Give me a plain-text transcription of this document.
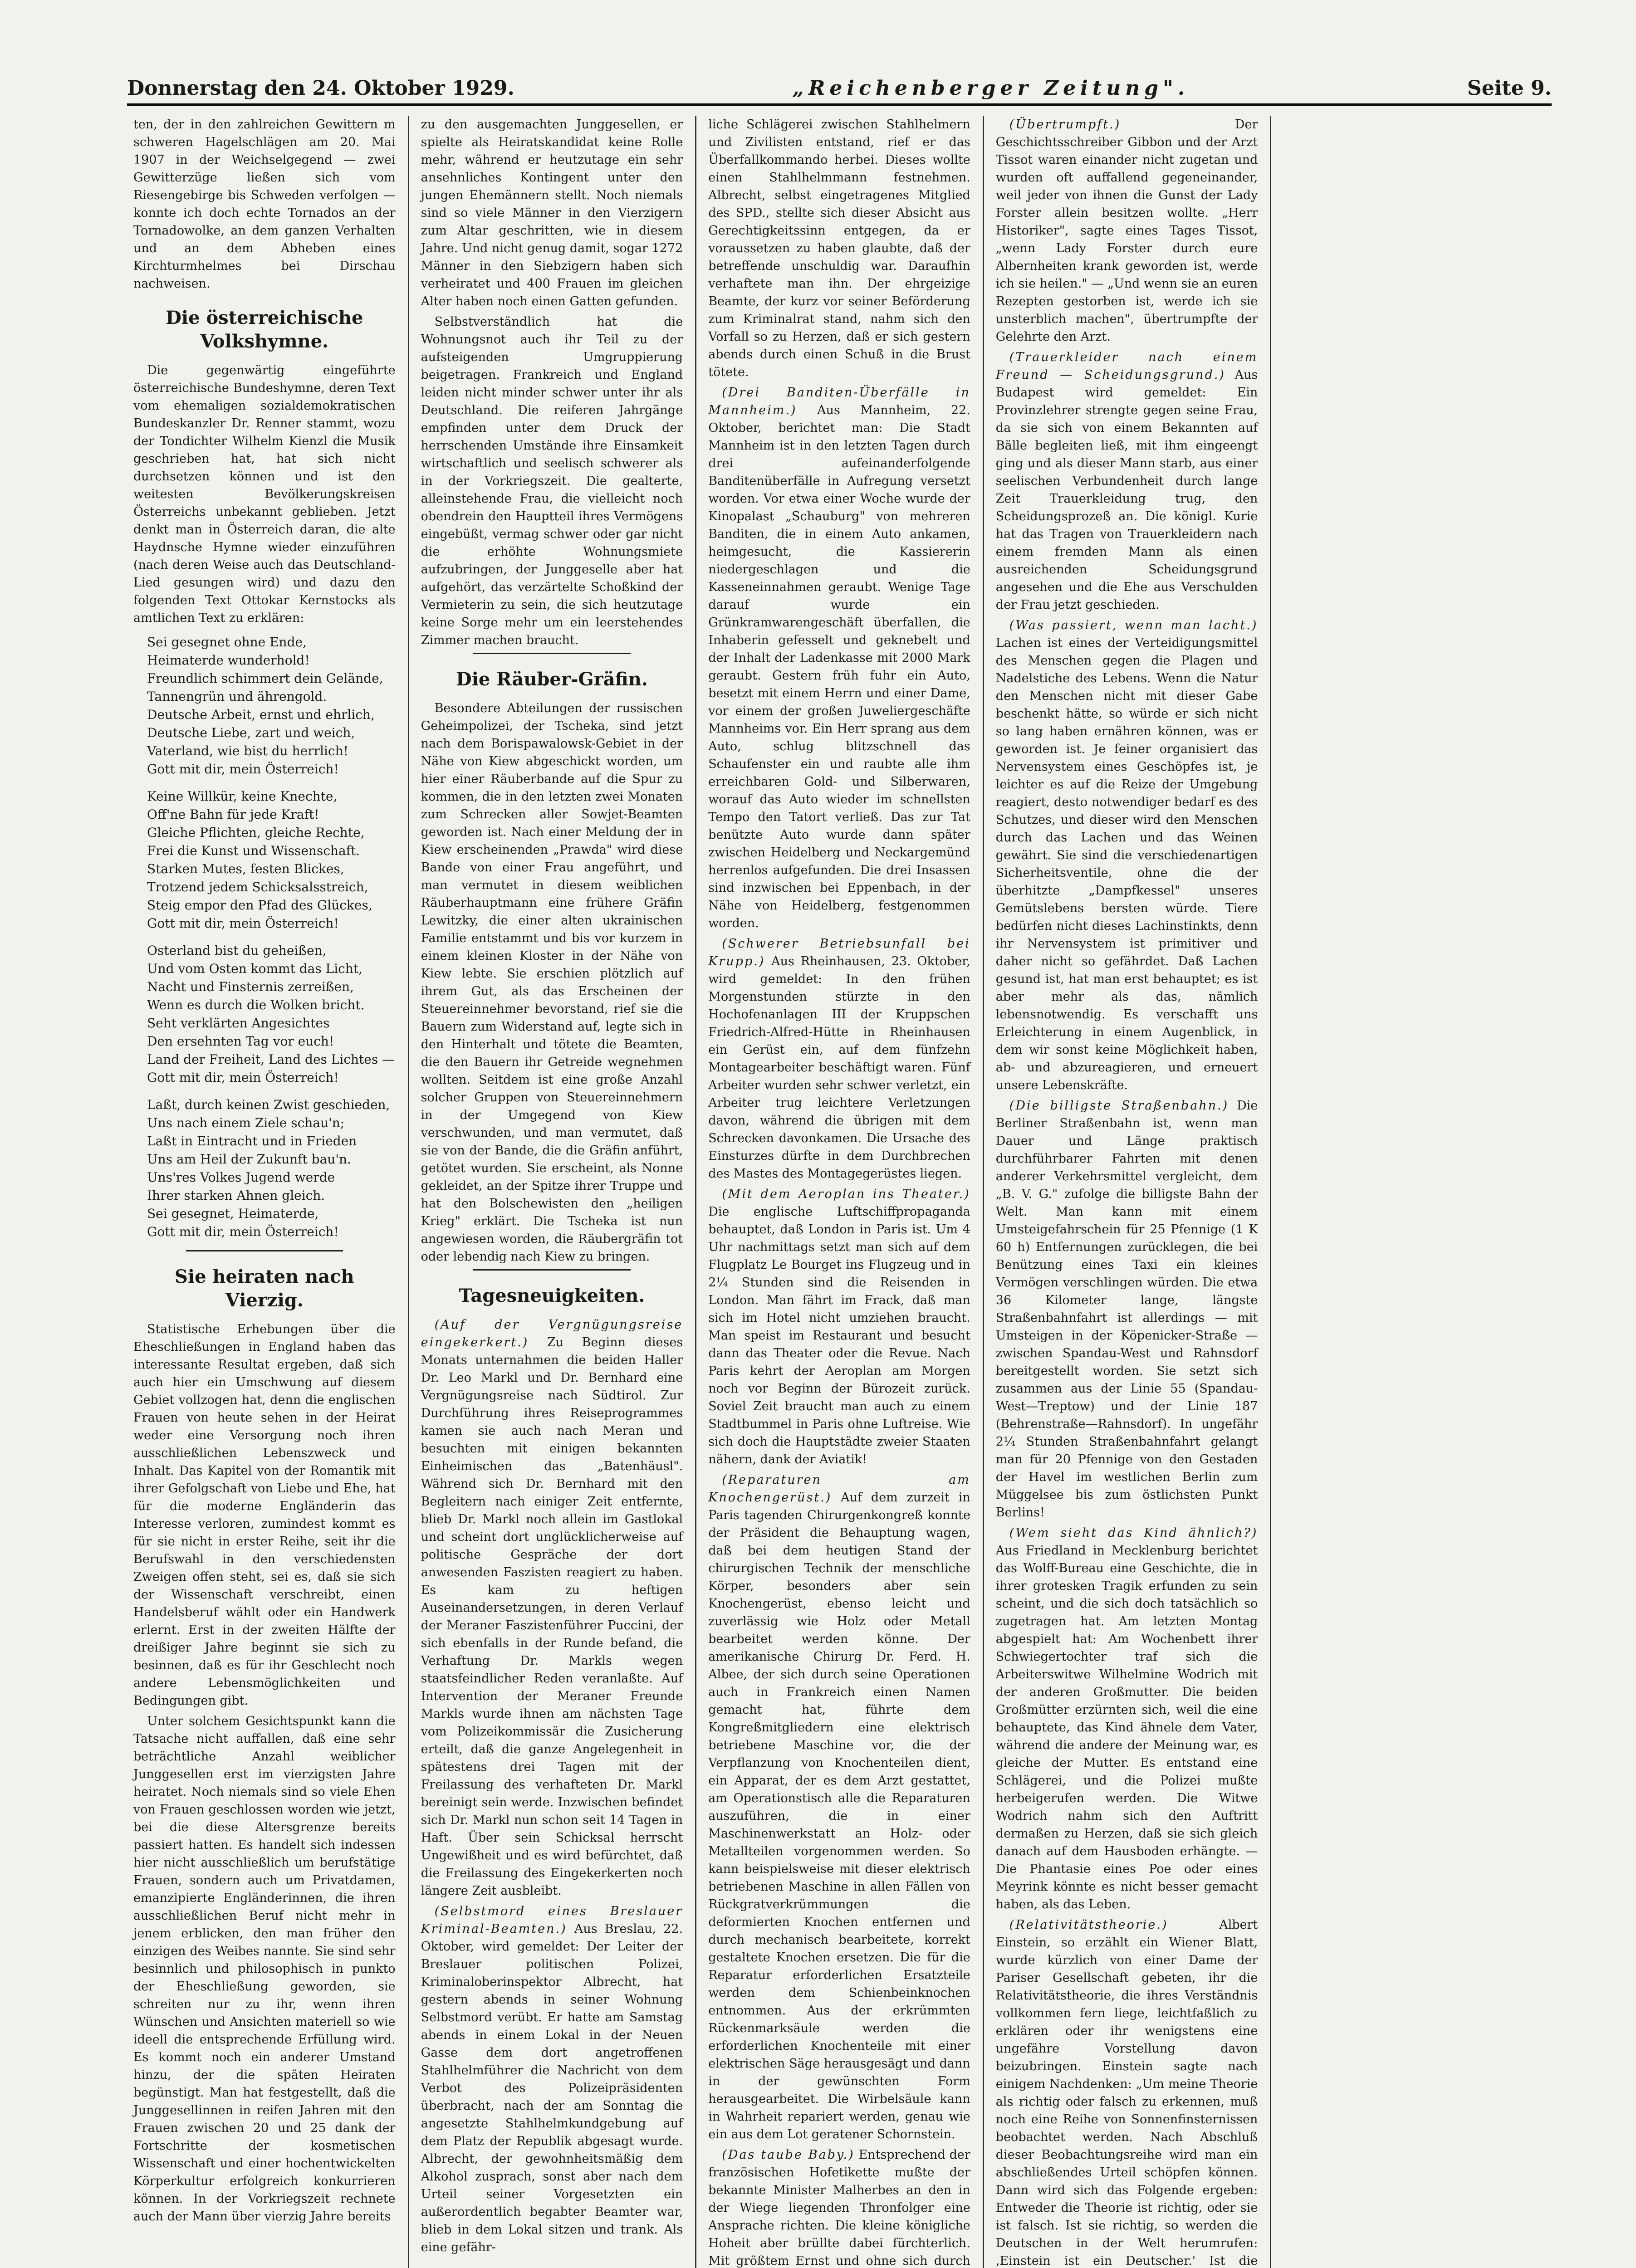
Donnerstag den 24. Oktober 1929.	„Reichenberger Zeitung".	Seite 9.

ten, der in den zahlreichen Gewittern m schweren Hagelschlägen am 20. Mai 1907 in der Weichselgegend — zwei Gewitterzüge ließen sich vom Riesengebirge bis Schweden verfolgen — konnte ich doch echte Tornados an der Tornadowolke, an dem ganzen Verhalten und an dem Abheben eines Kirchturmhelmes bei Dirschau nachweisen.

Die österreichische Volkshymne.

Die gegenwärtig eingeführte österreichische Bundeshymne, deren Text vom ehemaligen sozialdemokratischen Bundeskanzler Dr. Renner stammt, wozu der Tondichter Wilhelm Kienzl die Musik geschrieben hat, hat sich nicht durchsetzen können und ist den weitesten Bevölkerungskreisen Österreichs unbekannt geblieben. Jetzt denkt man in Österreich daran, die alte Haydnsche Hymne wieder einzuführen (nach deren Weise auch das Deutschland-Lied gesungen wird) und dazu den folgenden Text Ottokar Kernstocks als amtlichen Text zu erklären:

Sei gesegnet ohne Ende,
Heimaterde wunderhold!
Freundlich schimmert dein Gelände,
Tannengrün und ährengold.
Deutsche Arbeit, ernst und ehrlich,
Deutsche Liebe, zart und weich,
Vaterland, wie bist du herrlich!
Gott mit dir, mein Österreich!
Keine Willkür, keine Knechte,
Off'ne Bahn für jede Kraft!
Gleiche Pflichten, gleiche Rechte,
Frei die Kunst und Wissenschaft.
Starken Mutes, festen Blickes,
Trotzend jedem Schicksalsstreich,
Steig empor den Pfad des Glückes,
Gott mit dir, mein Österreich!
Osterland bist du geheißen,
Und vom Osten kommt das Licht,
Nacht und Finsternis zerreißen,
Wenn es durch die Wolken bricht.
Seht verklärten Angesichtes
Den ersehnten Tag vor euch!
Land der Freiheit, Land des Lichtes —
Gott mit dir, mein Österreich!
Laßt, durch keinen Zwist geschieden,
Uns nach einem Ziele schau'n;
Laßt in Eintracht und in Frieden
Uns am Heil der Zukunft bau'n.
Uns'res Volkes Jugend werde
Ihrer starken Ahnen gleich.
Sei gesegnet, Heimaterde,
Gott mit dir, mein Österreich!
Sie heiraten nach Vierzig.

Statistische Erhebungen über die Eheschließungen in England haben das interessante Resultat ergeben, daß sich auch hier ein Umschwung auf diesem Gebiet vollzogen hat, denn die englischen Frauen von heute sehen in der Heirat weder eine Versorgung noch ihren ausschließlichen Lebenszweck und Inhalt. Das Kapitel von der Romantik mit ihrer Gefolgschaft von Liebe und Ehe, hat für die moderne Engländerin das Interesse verloren, zumindest kommt es für sie nicht in erster Reihe, seit ihr die Berufswahl in den verschiedensten Zweigen offen steht, sei es, daß sie sich der Wissenschaft verschreibt, einen Handelsberuf wählt oder ein Handwerk erlernt. Erst in der zweiten Hälfte der dreißiger Jahre beginnt sie sich zu besinnen, daß es für ihr Geschlecht noch andere Lebensmöglichkeiten und Bedingungen gibt.

Unter solchem Gesichtspunkt kann die Tatsache nicht auffallen, daß eine sehr beträchtliche Anzahl weiblicher Junggesellen erst im vierzigsten Jahre heiratet. Noch niemals sind so viele Ehen von Frauen geschlossen worden wie jetzt, bei die diese Altersgrenze bereits passiert hatten. Es handelt sich indessen hier nicht ausschließlich um berufstätige Frauen, sondern auch um Privatdamen, emanzipierte Engländerinnen, die ihren ausschließlichen Beruf nicht mehr in jenem erblicken, den man früher den einzigen des Weibes nannte. Sie sind sehr besinnlich und philosophisch in punkto der Eheschließung geworden, sie schreiten nur zu ihr, wenn ihren Wünschen und Ansichten materiell so wie ideell die entsprechende Erfüllung wird. Es kommt noch ein anderer Umstand hinzu, der die späten Heiraten begünstigt. Man hat festgestellt, daß die Junggesellinnen in reifen Jahren mit den Frauen zwischen 20 und 25 dank der Fortschritte der kosmetischen Wissenschaft und einer hochentwickelten Körperkultur erfolgreich konkurrieren können. In der Vorkriegszeit rechnete auch der Mann über vierzig Jahre bereits

zu den ausgemachten Junggesellen, er spielte als Heiratskandidat keine Rolle mehr, während er heutzutage ein sehr ansehnliches Kontingent unter den jungen Ehemännern stellt. Noch niemals sind so viele Männer in den Vierzigern zum Altar geschritten, wie in diesem Jahre. Und nicht genug damit, sogar 1272 Männer in den Siebzigern haben sich verheiratet und 400 Frauen im gleichen Alter haben noch einen Gatten gefunden.

Selbstverständlich hat die Wohnungsnot auch ihr Teil zu der aufsteigenden Umgruppierung beigetragen. Frankreich und England leiden nicht minder schwer unter ihr als Deutschland. Die reiferen Jahrgänge empfinden unter dem Druck der herrschenden Umstände ihre Einsamkeit wirtschaftlich und seelisch schwerer als in der Vorkriegszeit. Die gealterte, alleinstehende Frau, die vielleicht noch obendrein den Hauptteil ihres Vermögens eingebüßt, vermag schwer oder gar nicht die erhöhte Wohnungsmiete aufzubringen, der Junggeselle aber hat aufgehört, das verzärtelte Schoßkind der Vermieterin zu sein, die sich heutzutage keine Sorge mehr um ein leerstehendes Zimmer machen braucht.

Die Räuber-Gräfin.

Besondere Abteilungen der russischen Geheimpolizei, der Tscheka, sind jetzt nach dem Borispawalowsk-Gebiet in der Nähe von Kiew abgeschickt worden, um hier einer Räuberbande auf die Spur zu kommen, die in den letzten zwei Monaten zum Schrecken aller Sowjet-Beamten geworden ist. Nach einer Meldung der in Kiew erscheinenden „Prawda" wird diese Bande von einer Frau angeführt, und man vermutet in diesem weiblichen Räuberhauptmann eine frühere Gräfin Lewitzky, die einer alten ukrainischen Familie entstammt und bis vor kurzem in einem kleinen Kloster in der Nähe von Kiew lebte. Sie erschien plötzlich auf ihrem Gut, als das Erscheinen der Steuereinnehmer bevorstand, rief sie die Bauern zum Widerstand auf, legte sich in den Hinterhalt und tötete die Beamten, die den Bauern ihr Getreide wegnehmen wollten. Seitdem ist eine große Anzahl solcher Gruppen von Steuereinnehmern in der Umgegend von Kiew verschwunden, und man vermutet, daß sie von der Bande, die die Gräfin anführt, getötet wurden. Sie erscheint, als Nonne gekleidet, an der Spitze ihrer Truppe und hat den Bolschewisten den „heiligen Krieg" erklärt. Die Tscheka ist nun angewiesen worden, die Räubergräfin tot oder lebendig nach Kiew zu bringen.

Tagesneuigkeiten.

(Auf der Vergnügungsreise eingekerkert.) Zu Beginn dieses Monats unternahmen die beiden Haller Dr. Leo Markl und Dr. Bernhard eine Vergnügungsreise nach Südtirol. Zur Durchführung ihres Reiseprogrammes kamen sie auch nach Meran und besuchten mit einigen bekannten Einheimischen das „Batenhäusl". Während sich Dr. Bernhard mit den Begleitern nach einiger Zeit entfernte, blieb Dr. Markl noch allein im Gastlokal und scheint dort unglücklicherweise auf politische Gespräche der dort anwesenden Faszisten reagiert zu haben. Es kam zu heftigen Auseinandersetzungen, in deren Verlauf der Meraner Faszistenführer Puccini, der sich ebenfalls in der Runde befand, die Verhaftung Dr. Markls wegen staatsfeindlicher Reden veranlaßte. Auf Intervention der Meraner Freunde Markls wurde ihnen am nächsten Tage vom Polizeikommissär die Zusicherung erteilt, daß die ganze Angelegenheit in spätestens drei Tagen mit der Freilassung des verhafteten Dr. Markl bereinigt sein werde. Inzwischen befindet sich Dr. Markl nun schon seit 14 Tagen in Haft. Über sein Schicksal herrscht Ungewißheit und es wird befürchtet, daß die Freilassung des Eingekerkerten noch längere Zeit ausbleibt.

(Selbstmord eines Breslauer Kriminal-Beamten.) Aus Breslau, 22. Oktober, wird gemeldet: Der Leiter der Breslauer politischen Polizei, Kriminaloberinspektor Albrecht, hat gestern abends in seiner Wohnung Selbstmord verübt. Er hatte am Samstag abends in einem Lokal in der Neuen Gasse dem dort angetroffenen Stahlhelmführer die Nachricht von dem Verbot des Polizeipräsidenten überbracht, nach der am Sonntag die angesetzte Stahlhelmkundgebung auf dem Platz der Republik abgesagt wurde. Albrecht, der gewohnheitsmäßig dem Alkohol zusprach, sonst aber nach dem Urteil seiner Vorgesetzten ein außerordentlich begabter Beamter war, blieb in dem Lokal sitzen und trank. Als eine gefähr-

liche Schlägerei zwischen Stahlhelmern und Zivilisten entstand, rief er das Überfallkommando herbei. Dieses wollte einen Stahlhelmmann festnehmen. Albrecht, selbst eingetragenes Mitglied des SPD., stellte sich dieser Absicht aus Gerechtigkeitssinn entgegen, da er voraussetzen zu haben glaubte, daß der betreffende unschuldig war. Daraufhin verhaftete man ihn. Der ehrgeizige Beamte, der kurz vor seiner Beförderung zum Kriminalrat stand, nahm sich den Vorfall so zu Herzen, daß er sich gestern abends durch einen Schuß in die Brust tötete.

(Drei Banditen-Überfälle in Mannheim.) Aus Mannheim, 22. Oktober, berichtet man: Die Stadt Mannheim ist in den letzten Tagen durch drei aufeinanderfolgende Banditenüberfälle in Aufregung versetzt worden. Vor etwa einer Woche wurde der Kinopalast „Schauburg" von mehreren Banditen, die in einem Auto ankamen, heimgesucht, die Kassiererin niedergeschlagen und die Kasseneinnahmen geraubt. Wenige Tage darauf wurde ein Grünkramwarengeschäft überfallen, die Inhaberin gefesselt und geknebelt und der Inhalt der Ladenkasse mit 2000 Mark geraubt. Gestern früh fuhr ein Auto, besetzt mit einem Herrn und einer Dame, vor einem der großen Juweliergeschäfte Mannheims vor. Ein Herr sprang aus dem Auto, schlug blitzschnell das Schaufenster ein und raubte alle ihm erreichbaren Gold- und Silberwaren, worauf das Auto wieder im schnellsten Tempo den Tatort verließ. Das zur Tat benützte Auto wurde dann später zwischen Heidelberg und Neckargemünd herrenlos aufgefunden. Die drei Insassen sind inzwischen bei Eppenbach, in der Nähe von Heidelberg, festgenommen worden.

(Schwerer Betriebsunfall bei Krupp.) Aus Rheinhausen, 23. Oktober, wird gemeldet: In den frühen Morgenstunden stürzte in den Hochofenanlagen III der Kruppschen Friedrich-Alfred-Hütte in Rheinhausen ein Gerüst ein, auf dem fünfzehn Montagearbeiter beschäftigt waren. Fünf Arbeiter wurden sehr schwer verletzt, ein Arbeiter trug leichtere Verletzungen davon, während die übrigen mit dem Schrecken davonkamen. Die Ursache des Einsturzes dürfte in dem Durchbrechen des Mastes des Montagegerüstes liegen.

(Mit dem Aeroplan ins Theater.) Die englische Luftschiffpropaganda behauptet, daß London in Paris ist. Um 4 Uhr nachmittags setzt man sich auf dem Flugplatz Le Bourget ins Flugzeug und in 2¼ Stunden sind die Reisenden in London. Man fährt im Frack, daß man sich im Hotel nicht umziehen braucht. Man speist im Restaurant und besucht dann das Theater oder die Revue. Nach Paris kehrt der Aeroplan am Morgen noch vor Beginn der Bürozeit zurück. Soviel Zeit braucht man auch zu einem Stadtbummel in Paris ohne Luftreise. Wie sich doch die Hauptstädte zweier Staaten nähern, dank der Aviatik!

(Reparaturen am Knochengerüst.) Auf dem zurzeit in Paris tagenden Chirurgenkongreß konnte der Präsident die Behauptung wagen, daß bei dem heutigen Stand der chirurgischen Technik der menschliche Körper, besonders aber sein Knochengerüst, ebenso leicht und zuverlässig wie Holz oder Metall bearbeitet werden könne. Der amerikanische Chirurg Dr. Ferd. H. Albee, der sich durch seine Operationen auch in Frankreich einen Namen gemacht hat, führte dem Kongreßmitgliedern eine elektrisch betriebene Maschine vor, die der Verpflanzung von Knochenteilen dient, ein Apparat, der es dem Arzt gestattet, am Operationstisch alle die Reparaturen auszuführen, die in einer Maschinenwerkstatt an Holz- oder Metallteilen vorgenommen werden. So kann beispielsweise mit dieser elektrisch betriebenen Maschine in allen Fällen von Rückgratverkrümmungen die deformierten Knochen entfernen und durch mechanisch bearbeitete, korrekt gestaltete Knochen ersetzen. Die für die Reparatur erforderlichen Ersatzteile werden dem Schienbeinknochen entnommen. Aus der erkrümmten Rückenmarksäule werden die erforderlichen Knochenteile mit einer elektrischen Säge herausgesägt und dann in der gewünschten Form herausgearbeitet. Die Wirbelsäule kann in Wahrheit repariert werden, genau wie ein aus dem Lot geratener Schornstein.

(Das taube Baby.) Entsprechend der französischen Hofetikette mußte der bekannte Minister Malherbes an den in der Wiege liegenden Thronfolger eine Ansprache richten. Die kleine königliche Hoheit aber brüllte dabei fürchterlich. Mit größtem Ernst und ohne sich durch

(Übertrumpft.)	Der Geschichtsschreiber Gibbon und der Arzt Tissot waren einander nicht zugetan und wurden oft auffallend gegeneinander, weil jeder von ihnen die Gunst der Lady Forster allein besitzen wollte. „Herr Historiker", sagte eines Tages Tissot, „wenn Lady Forster durch eure Albernheiten krank geworden ist, werde ich sie heilen." — „Und wenn sie an euren Rezepten gestorben ist, werde ich sie unsterblich machen", übertrumpfte der Gelehrte den Arzt.

(Trauerkleider nach einem Freund — Scheidungsgrund.) Aus Budapest wird gemeldet: Ein Provinzlehrer strengte gegen seine Frau, da sie sich von einem Bekannten auf Bälle begleiten ließ, mit ihm eingeengt ging und als dieser Mann starb, aus einer seelischen Verbundenheit durch lange Zeit Trauerkleidung trug, den Scheidungsprozeß an. Die königl. Kurie hat das Tragen von Trauerkleidern nach einem fremden Mann als einen ausreichenden Scheidungsgrund angesehen und die Ehe aus Verschulden der Frau jetzt geschieden.

(Was passiert, wenn man lacht.) Lachen ist eines der Verteidigungsmittel des Menschen gegen die Plagen und Nadelstiche des Lebens. Wenn die Natur den Menschen nicht mit dieser Gabe beschenkt hätte, so würde er sich nicht so lang haben ernähren können, was er geworden ist. Je feiner organisiert das Nervensystem eines Geschöpfes ist, je leichter es auf die Reize der Umgebung reagiert, desto notwendiger bedarf es des Schutzes, und dieser wird den Menschen durch das Lachen und das Weinen gewährt. Sie sind die verschiedenartigen Sicherheitsventile, ohne die der überhitzte „Dampfkessel" unseres Gemütslebens bersten würde. Tiere bedürfen nicht dieses Lachinstinkts, denn ihr Nervensystem ist primitiver und daher nicht so gefährdet. Daß Lachen gesund ist, hat man erst behauptet; es ist aber mehr als das, nämlich lebensnotwendig. Es verschafft uns Erleichterung in einem Augenblick, in dem wir sonst keine Möglichkeit haben, ab- und abzureagieren, und erneuert unsere Lebenskräfte.

(Die billigste Straßenbahn.) Die Berliner Straßenbahn ist, wenn man Dauer und Länge praktisch durchführbarer Fahrten mit denen anderer Verkehrsmittel vergleicht, dem „B. V. G." zufolge die billigste Bahn der Welt. Man kann mit einem Umsteigefahrschein für 25 Pfennige (1 K 60 h) Entfernungen zurücklegen, die bei Benützung eines Taxi ein kleines Vermögen verschlingen würden. Die etwa 36 Kilometer lange, längste Straßenbahnfahrt ist allerdings — mit Umsteigen in der Köpenicker-Straße — zwischen Spandau-West und Rahnsdorf bereitgestellt worden. Sie setzt sich zusammen aus der Linie 55 (Spandau-West—Treptow) und der Linie 187 (Behrenstraße—Rahnsdorf). In ungefähr 2¼ Stunden Straßenbahnfahrt gelangt man für 20 Pfennige von den Gestaden der Havel im westlichen Berlin zum Müggelsee bis zum östlichsten Punkt Berlins!

(Wem sieht das Kind ähnlich?) Aus Friedland in Mecklenburg berichtet das Wolff-Bureau eine Geschichte, die in ihrer grotesken Tragik erfunden zu sein scheint, und die sich doch tatsächlich so zugetragen hat. Am letzten Montag abgespielt hat: Am Wochenbett ihrer Schwiegertochter traf sich die Arbeiterswitwe Wilhelmine Wodrich mit der anderen Großmutter. Die beiden Großmütter erzürnten sich, weil die eine behauptete, das Kind ähnele dem Vater, während die andere der Meinung war, es gleiche der Mutter. Es entstand eine Schlägerei, und die Polizei mußte herbeigerufen werden. Die Witwe Wodrich nahm sich den Auftritt dermaßen zu Herzen, daß sie sich gleich danach auf dem Hausboden erhängte. — Die Phantasie eines Poe oder eines Meyrink könnte es nicht besser gemacht haben, als das Leben.

(Relativitätstheorie.)	Albert Einstein, so erzählt ein Wiener Blatt, wurde kürzlich von einer Dame der Pariser Gesellschaft gebeten, ihr die Relativitätstheorie, die ihres Verständnis vollkommen fern liege, leichtfaßlich zu erklären oder ihr wenigstens eine ungefähre Vorstellung davon beizubringen. Einstein sagte nach einigem Nachdenken: „Um meine Theorie als richtig oder falsch zu erkennen, muß noch eine Reihe von Sonnenfinsternissen beobachtet werden. Nach Abschluß dieser Beobachtungsreihe wird man ein abschließendes Urteil schöpfen können. Dann wird sich das Folgende ergeben: Entweder die Theorie ist richtig, oder sie ist falsch. Ist sie richtig, so werden die Deutschen in der Welt herumrufen: ‚Einstein ist ein Deutscher.' Ist die
